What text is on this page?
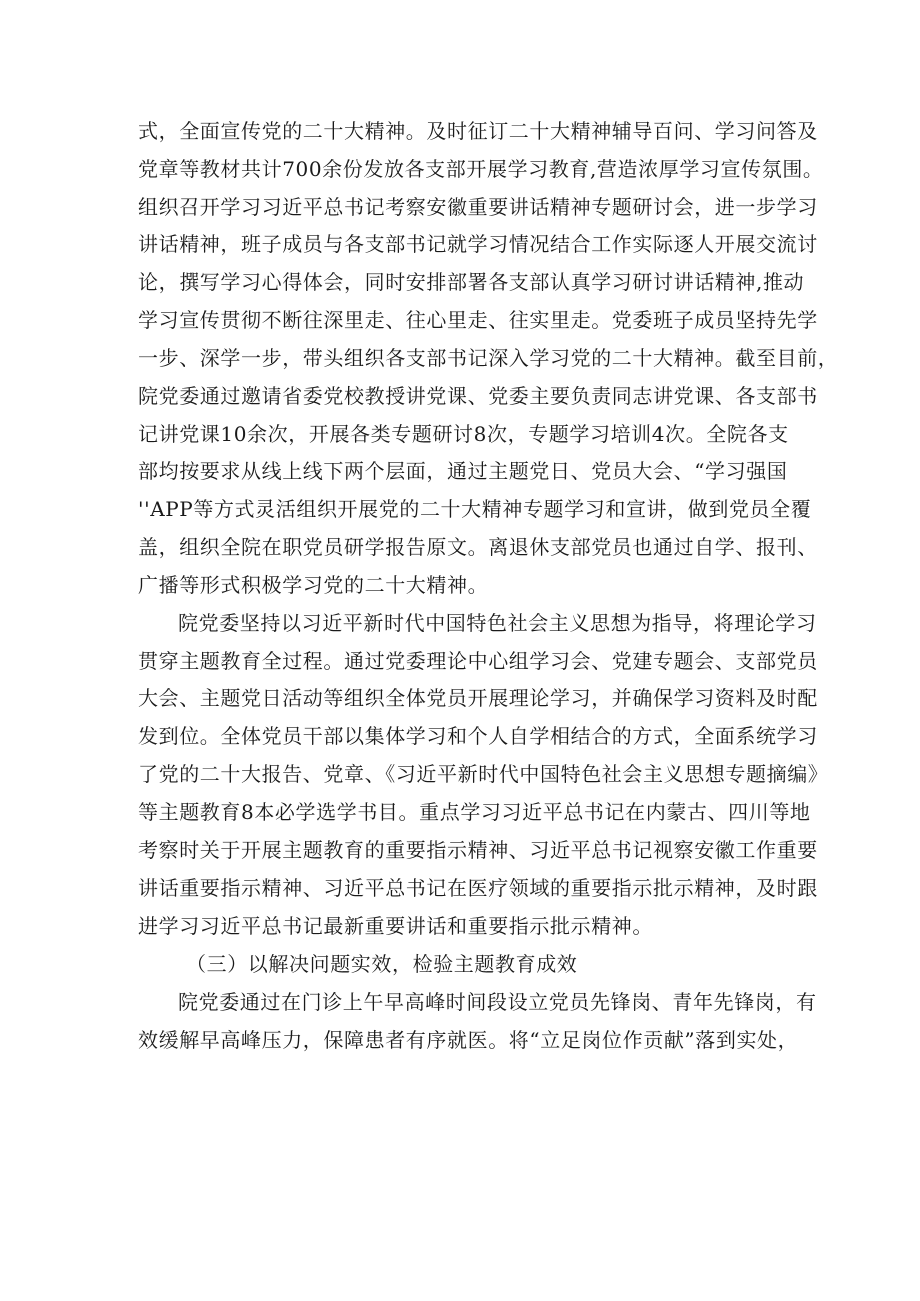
式，全面宣传党的二十大精神。及时征订二十大精神辅导百问、学习问答及
党章等教材共计700余份发放各支部开展学习教育,营造浓厚学习宣传氛围。
组织召开学习习近平总书记考察安徽重要讲话精神专题研讨会，进一步学习
讲话精神，班子成员与各支部书记就学习情况结合工作实际逐人开展交流讨
论，撰写学习心得体会，同时安排部署各支部认真学习研讨讲话精神,推动
学习宣传贯彻不断往深里走、往心里走、往实里走。党委班子成员坚持先学
一步、深学一步，带头组织各支部书记深入学习党的二十大精神。截至目前，
院党委通过邀请省委党校教授讲党课、党委主要负责同志讲党课、各支部书
记讲党课10余次，开展各类专题研讨8次，专题学习培训4次。全院各支
部均按要求从线上线下两个层面，通过主题党日、党员大会、“学习强国
''APP等方式灵活组织开展党的二十大精神专题学习和宣讲，做到党员全覆
盖，组织全院在职党员研学报告原文。离退休支部党员也通过自学、报刊、
广播等形式积极学习党的二十大精神。
院党委坚持以习近平新时代中国特色社会主义思想为指导，将理论学习
贯穿主题教育全过程。通过党委理论中心组学习会、党建专题会、支部党员
大会、主题党日活动等组织全体党员开展理论学习，并确保学习资料及时配
发到位。全体党员干部以集体学习和个人自学相结合的方式，全面系统学习
了党的二十大报告、党章、《习近平新时代中国特色社会主义思想专题摘编》
等主题教育8本必学选学书目。重点学习习近平总书记在内蒙古、四川等地
考察时关于开展主题教育的重要指示精神、习近平总书记视察安徽工作重要
讲话重要指示精神、习近平总书记在医疗领域的重要指示批示精神，及时跟
进学习习近平总书记最新重要讲话和重要指示批示精神。
（三）以解决问题实效，检验主题教育成效
院党委通过在门诊上午早高峰时间段设立党员先锋岗、青年先锋岗，有
效缓解早高峰压力，保障患者有序就医。将“立足岗位作贡献”落到实处，
